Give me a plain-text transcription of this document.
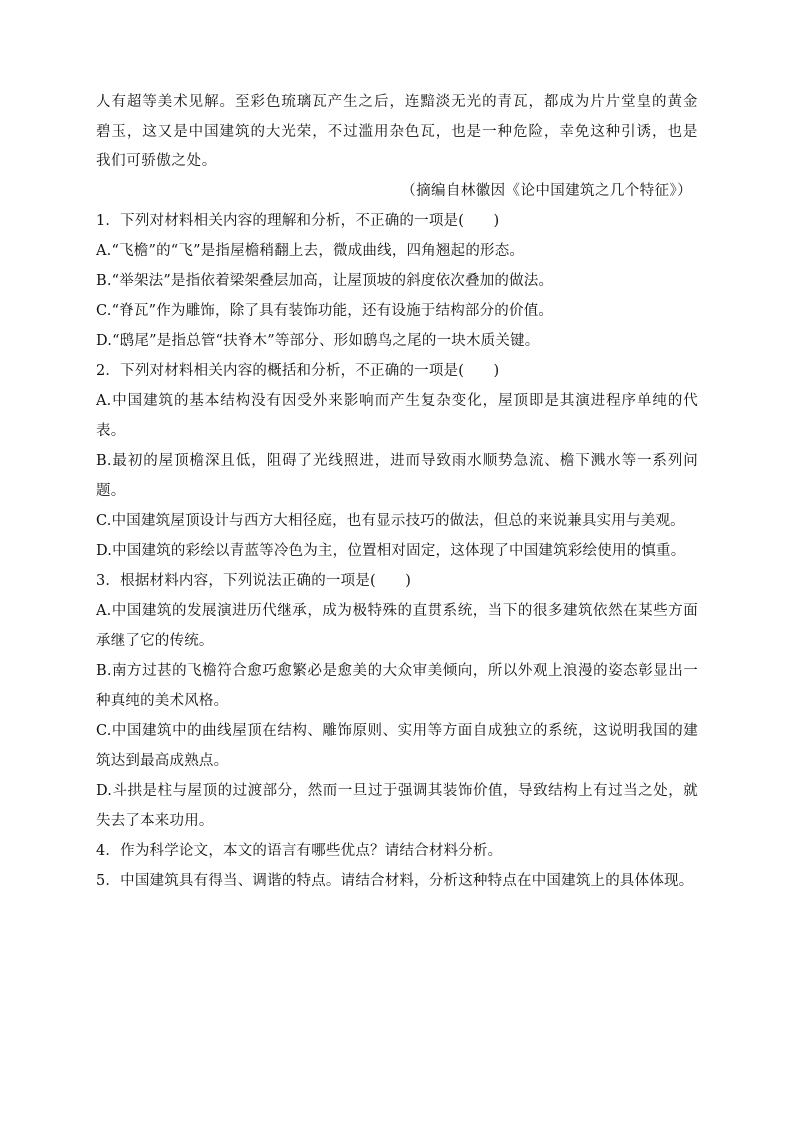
人有超等美术见解。至彩色琉璃瓦产生之后，连黯淡无光的青瓦，都成为片片堂皇的黄金碧玉，这又是中国建筑的大光荣，不过滥用杂色瓦，也是一种危险，幸免这种引诱，也是我们可骄傲之处。

（摘编自林徽因《论中国建筑之几个特征》）

1．下列对材料相关内容的理解和分析，不正确的一项是(　　)

A.“飞檐”的“飞”是指屋檐稍翻上去，微成曲线，四角翘起的形态。

B.“举架法”是指依着梁架叠层加高，让屋顶坡的斜度依次叠加的做法。

C.“脊瓦”作为雕饰，除了具有装饰功能，还有设施于结构部分的价值。

D.“鸱尾”是指总管“扶脊木”等部分、形如鸱鸟之尾的一块木质关键。

2．下列对材料相关内容的概括和分析，不正确的一项是(　　)

A.中国建筑的基本结构没有因受外来影响而产生复杂变化，屋顶即是其演进程序单纯的代表。

B.最初的屋顶檐深且低，阻碍了光线照进，进而导致雨水顺势急流、檐下溅水等一系列问题。

C.中国建筑屋顶设计与西方大相径庭，也有显示技巧的做法，但总的来说兼具实用与美观。

D.中国建筑的彩绘以青蓝等冷色为主，位置相对固定，这体现了中国建筑彩绘使用的慎重。

3．根据材料内容，下列说法正确的一项是(　　)

A.中国建筑的发展演进历代继承，成为极特殊的直贯系统，当下的很多建筑依然在某些方面承继了它的传统。

B.南方过甚的飞檐符合愈巧愈繁必是愈美的大众审美倾向，所以外观上浪漫的姿态彰显出一种真纯的美术风格。

C.中国建筑中的曲线屋顶在结构、雕饰原则、实用等方面自成独立的系统，这说明我国的建筑达到最高成熟点。

D.斗拱是柱与屋顶的过渡部分，然而一旦过于强调其装饰价值，导致结构上有过当之处，就失去了本来功用。

4．作为科学论文，本文的语言有哪些优点？请结合材料分析。

5．中国建筑具有得当、调谐的特点。请结合材料，分析这种特点在中国建筑上的具体体现。
